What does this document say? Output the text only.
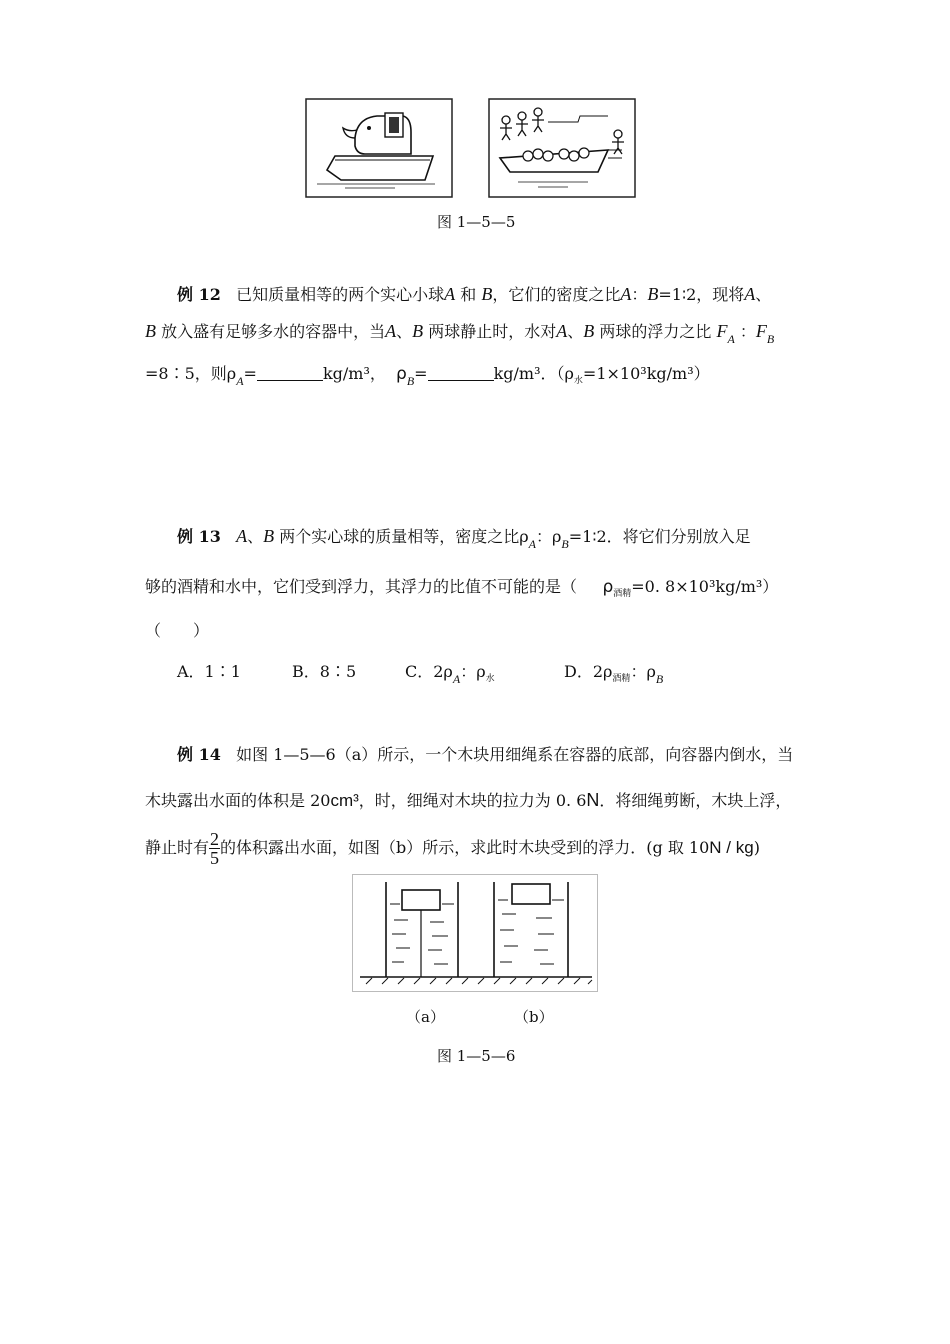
图 1—5—5
例 12 已知质量相等的两个实心小球A 和 B，它们的密度之比A：B=1∶2，现将A、
B 放入盛有足够多水的容器中，当A、B 两球静止时，水对A、B 两球的浮力之比 $F_A$ ：$F_B$
=8∶5，则$\rho_A=$	kg/m³， $\rho_B=$	kg/m³．$(\rho_水=1\times 10^3kg/m^3)$
例 13 A、B 两个实心球的质量相等，密度之比$\rho_A$：$\rho_B=1∶2$．将它们分别放入足
够的酒精和水中，它们受到浮力，其浮力的比值不可能的是（ $\rho_{酒精}=0$. 8×10³kg/m³）
（　　）
A．1∶1	B．8∶5	C．$2\rho_A$：$\rho_水$	D．$2\rho_{酒精}$：$\rho_B$
例 14 如图 1—5—6（a）所示，一个木块用细绳系在容器的底部，向容器内倒水，当
木块露出水面的体积是 20cm³，时，细绳对木块的拉力为 0. 6N．将细绳剪断，木块上浮，
静止时有 $\frac{2}{5}$ 的体积露出水面，如图（b）所示，求此时木块受到的浮力．(g 取 10N / kg)
（a）	（b）
图 1—5—6
